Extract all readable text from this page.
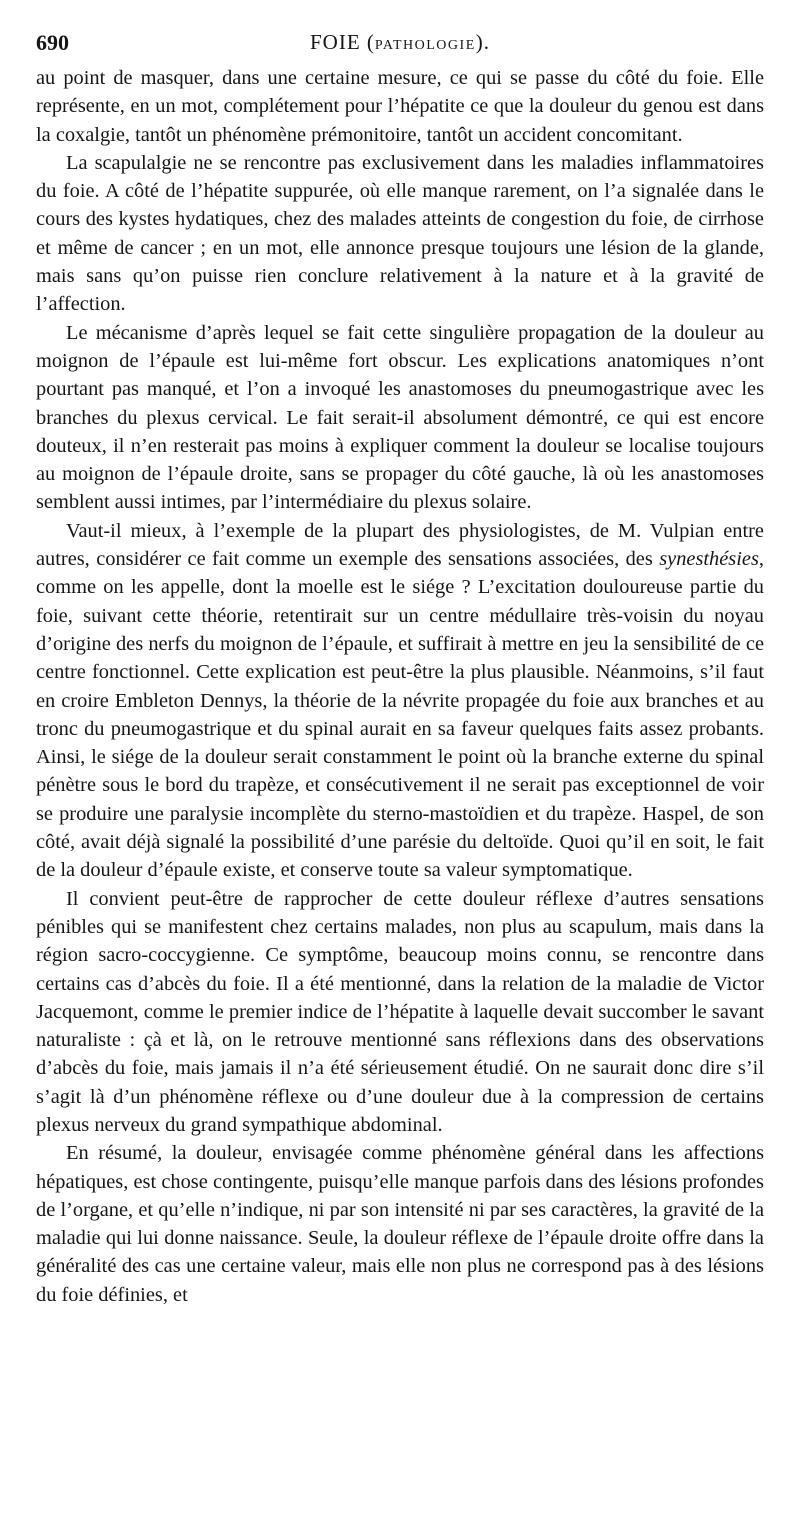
690	FOIE (PATHOLOGIE).

au point de masquer, dans une certaine mesure, ce qui se passe du côté du foie. Elle représente, en un mot, complétement pour l’hépatite ce que la douleur du genou est dans la coxalgie, tantôt un phénomène prémonitoire, tantôt un accident concomitant.

La scapulalgie ne se rencontre pas exclusivement dans les maladies inflammatoires du foie. A côté de l’hépatite suppurée, où elle manque rarement, on l’a signalée dans le cours des kystes hydatiques, chez des malades atteints de congestion du foie, de cirrhose et même de cancer ; en un mot, elle annonce presque toujours une lésion de la glande, mais sans qu’on puisse rien conclure relativement à la nature et à la gravité de l’affection.

Le mécanisme d’après lequel se fait cette singulière propagation de la douleur au moignon de l’épaule est lui-même fort obscur. Les explications anatomiques n’ont pourtant pas manqué, et l’on a invoqué les anastomoses du pneumogastrique avec les branches du plexus cervical. Le fait serait-il absolument démontré, ce qui est encore douteux, il n’en resterait pas moins à expliquer comment la douleur se localise toujours au moignon de l’épaule droite, sans se propager du côté gauche, là où les anastomoses semblent aussi intimes, par l’intermédiaire du plexus solaire.

Vaut-il mieux, à l’exemple de la plupart des physiologistes, de M. Vulpian entre autres, considérer ce fait comme un exemple des sensations associées, des synesthésies, comme on les appelle, dont la moelle est le siége ? L’excitation douloureuse partie du foie, suivant cette théorie, retentirait sur un centre médullaire très-voisin du noyau d’origine des nerfs du moignon de l’épaule, et suffirait à mettre en jeu la sensibilité de ce centre fonctionnel. Cette explication est peut-être la plus plausible. Néanmoins, s’il faut en croire Embleton Dennys, la théorie de la névrite propagée du foie aux branches et au tronc du pneumogastrique et du spinal aurait en sa faveur quelques faits assez probants. Ainsi, le siége de la douleur serait constamment le point où la branche externe du spinal pénètre sous le bord du trapèze, et consécutivement il ne serait pas exceptionnel de voir se produire une paralysie incomplète du sterno-mastoïdien et du trapèze. Haspel, de son côté, avait déjà signalé la possibilité d’une parésie du deltoïde. Quoi qu’il en soit, le fait de la douleur d’épaule existe, et conserve toute sa valeur symptomatique.

Il convient peut-être de rapprocher de cette douleur réflexe d’autres sensations pénibles qui se manifestent chez certains malades, non plus au scapulum, mais dans la région sacro-coccygienne. Ce symptôme, beaucoup moins connu, se rencontre dans certains cas d’abcès du foie. Il a été mentionné, dans la relation de la maladie de Victor Jacquemont, comme le premier indice de l’hépatite à laquelle devait succomber le savant naturaliste : çà et là, on le retrouve mentionné sans réflexions dans des observations d’abcès du foie, mais jamais il n’a été sérieusement étudié. On ne saurait donc dire s’il s’agit là d’un phénomène réflexe ou d’une douleur due à la compression de certains plexus nerveux du grand sympathique abdominal.

En résumé, la douleur, envisagée comme phénomène général dans les affections hépatiques, est chose contingente, puisqu’elle manque parfois dans des lésions profondes de l’organe, et qu’elle n’indique, ni par son intensité ni par ses caractères, la gravité de la maladie qui lui donne naissance. Seule, la douleur réflexe de l’épaule droite offre dans la généralité des cas une certaine valeur, mais elle non plus ne correspond pas à des lésions du foie définies, et
